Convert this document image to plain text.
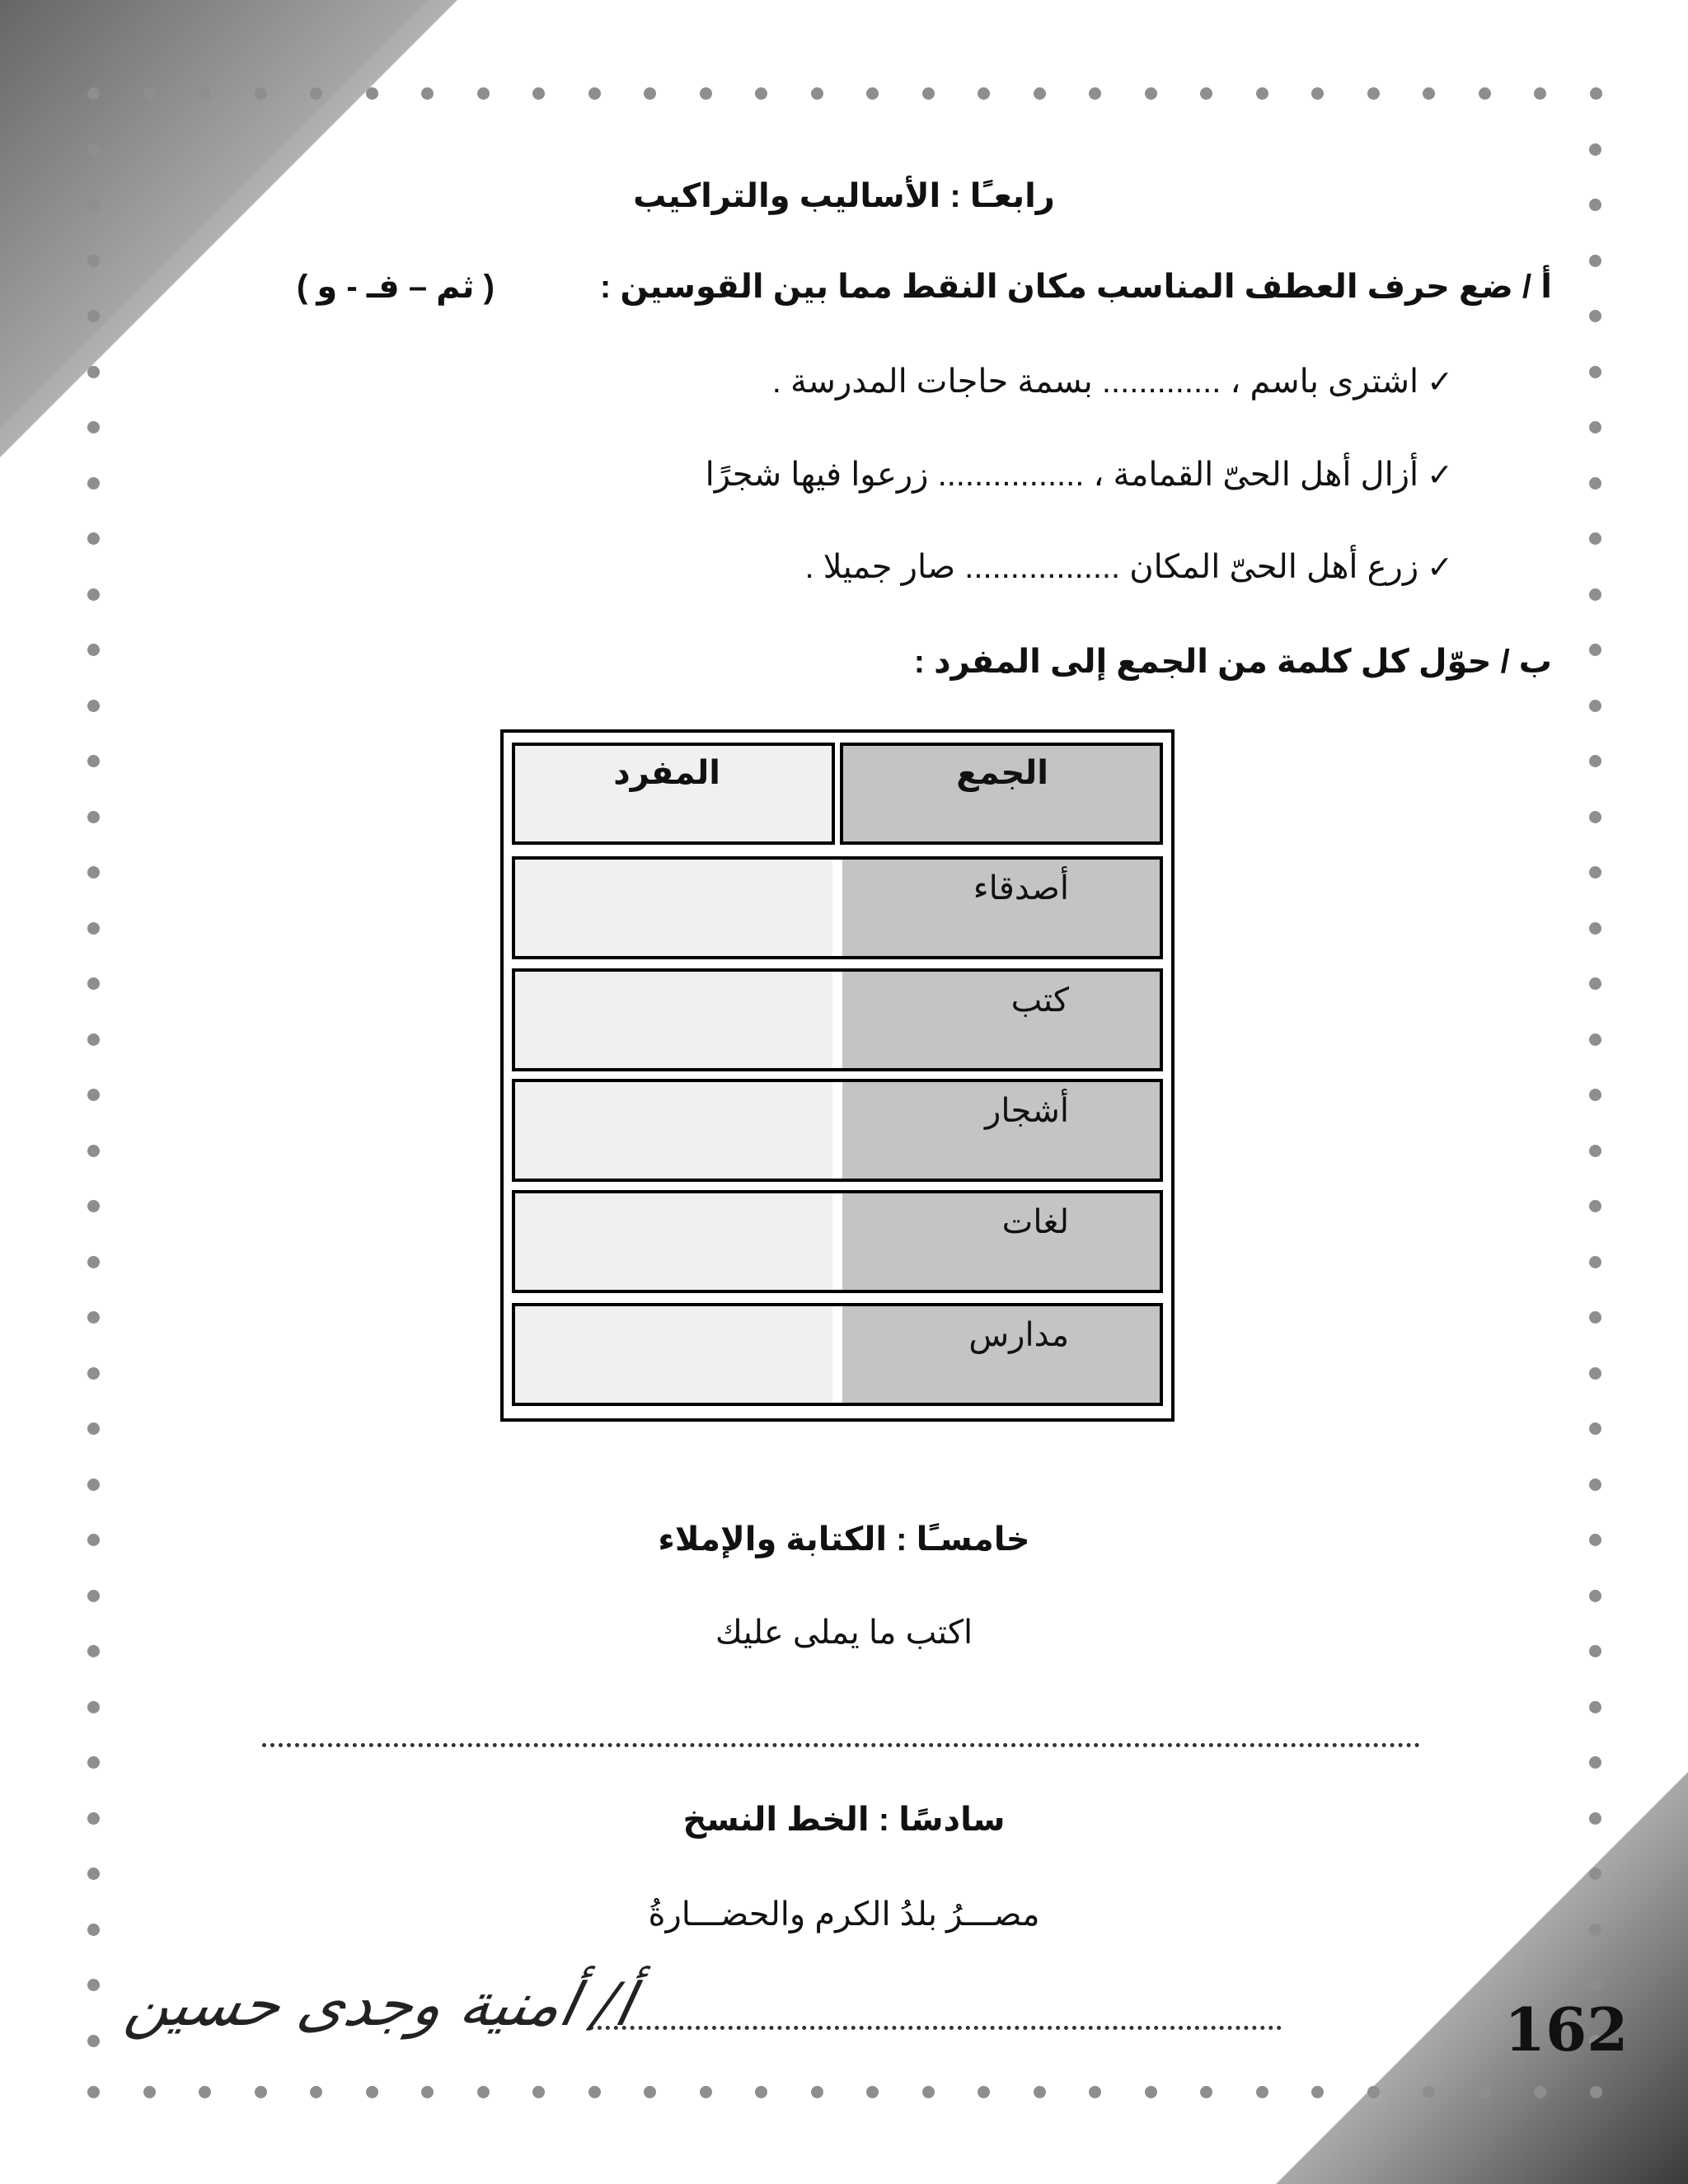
رابعـًا : الأساليب والتراكيب
أ / ضع حرف العطف المناسب مكان النقط مما بين القوسين :
( ثم – فـ - و )
✓اشترى باسم ، ............. بسمة حاجات المدرسة .
✓أزال أهل الحىّ القمامة ، ................ زرعوا فيها شجرًا
✓زرع أهل الحىّ المكان ................. صار جميلا .
ب / حوّل كل كلمة من الجمع إلى المفرد :
الجمع
المفرد
أصدقاء
كتب
أشجار
لغات
مدارس
خامسـًا : الكتابة والإملاء
اكتب ما يملى عليك
سادسًا : الخط النسخ
مصـــرُ بلدُ الكرم والحضـــارةُ
أ/ أمنية وجدى حسين	162
